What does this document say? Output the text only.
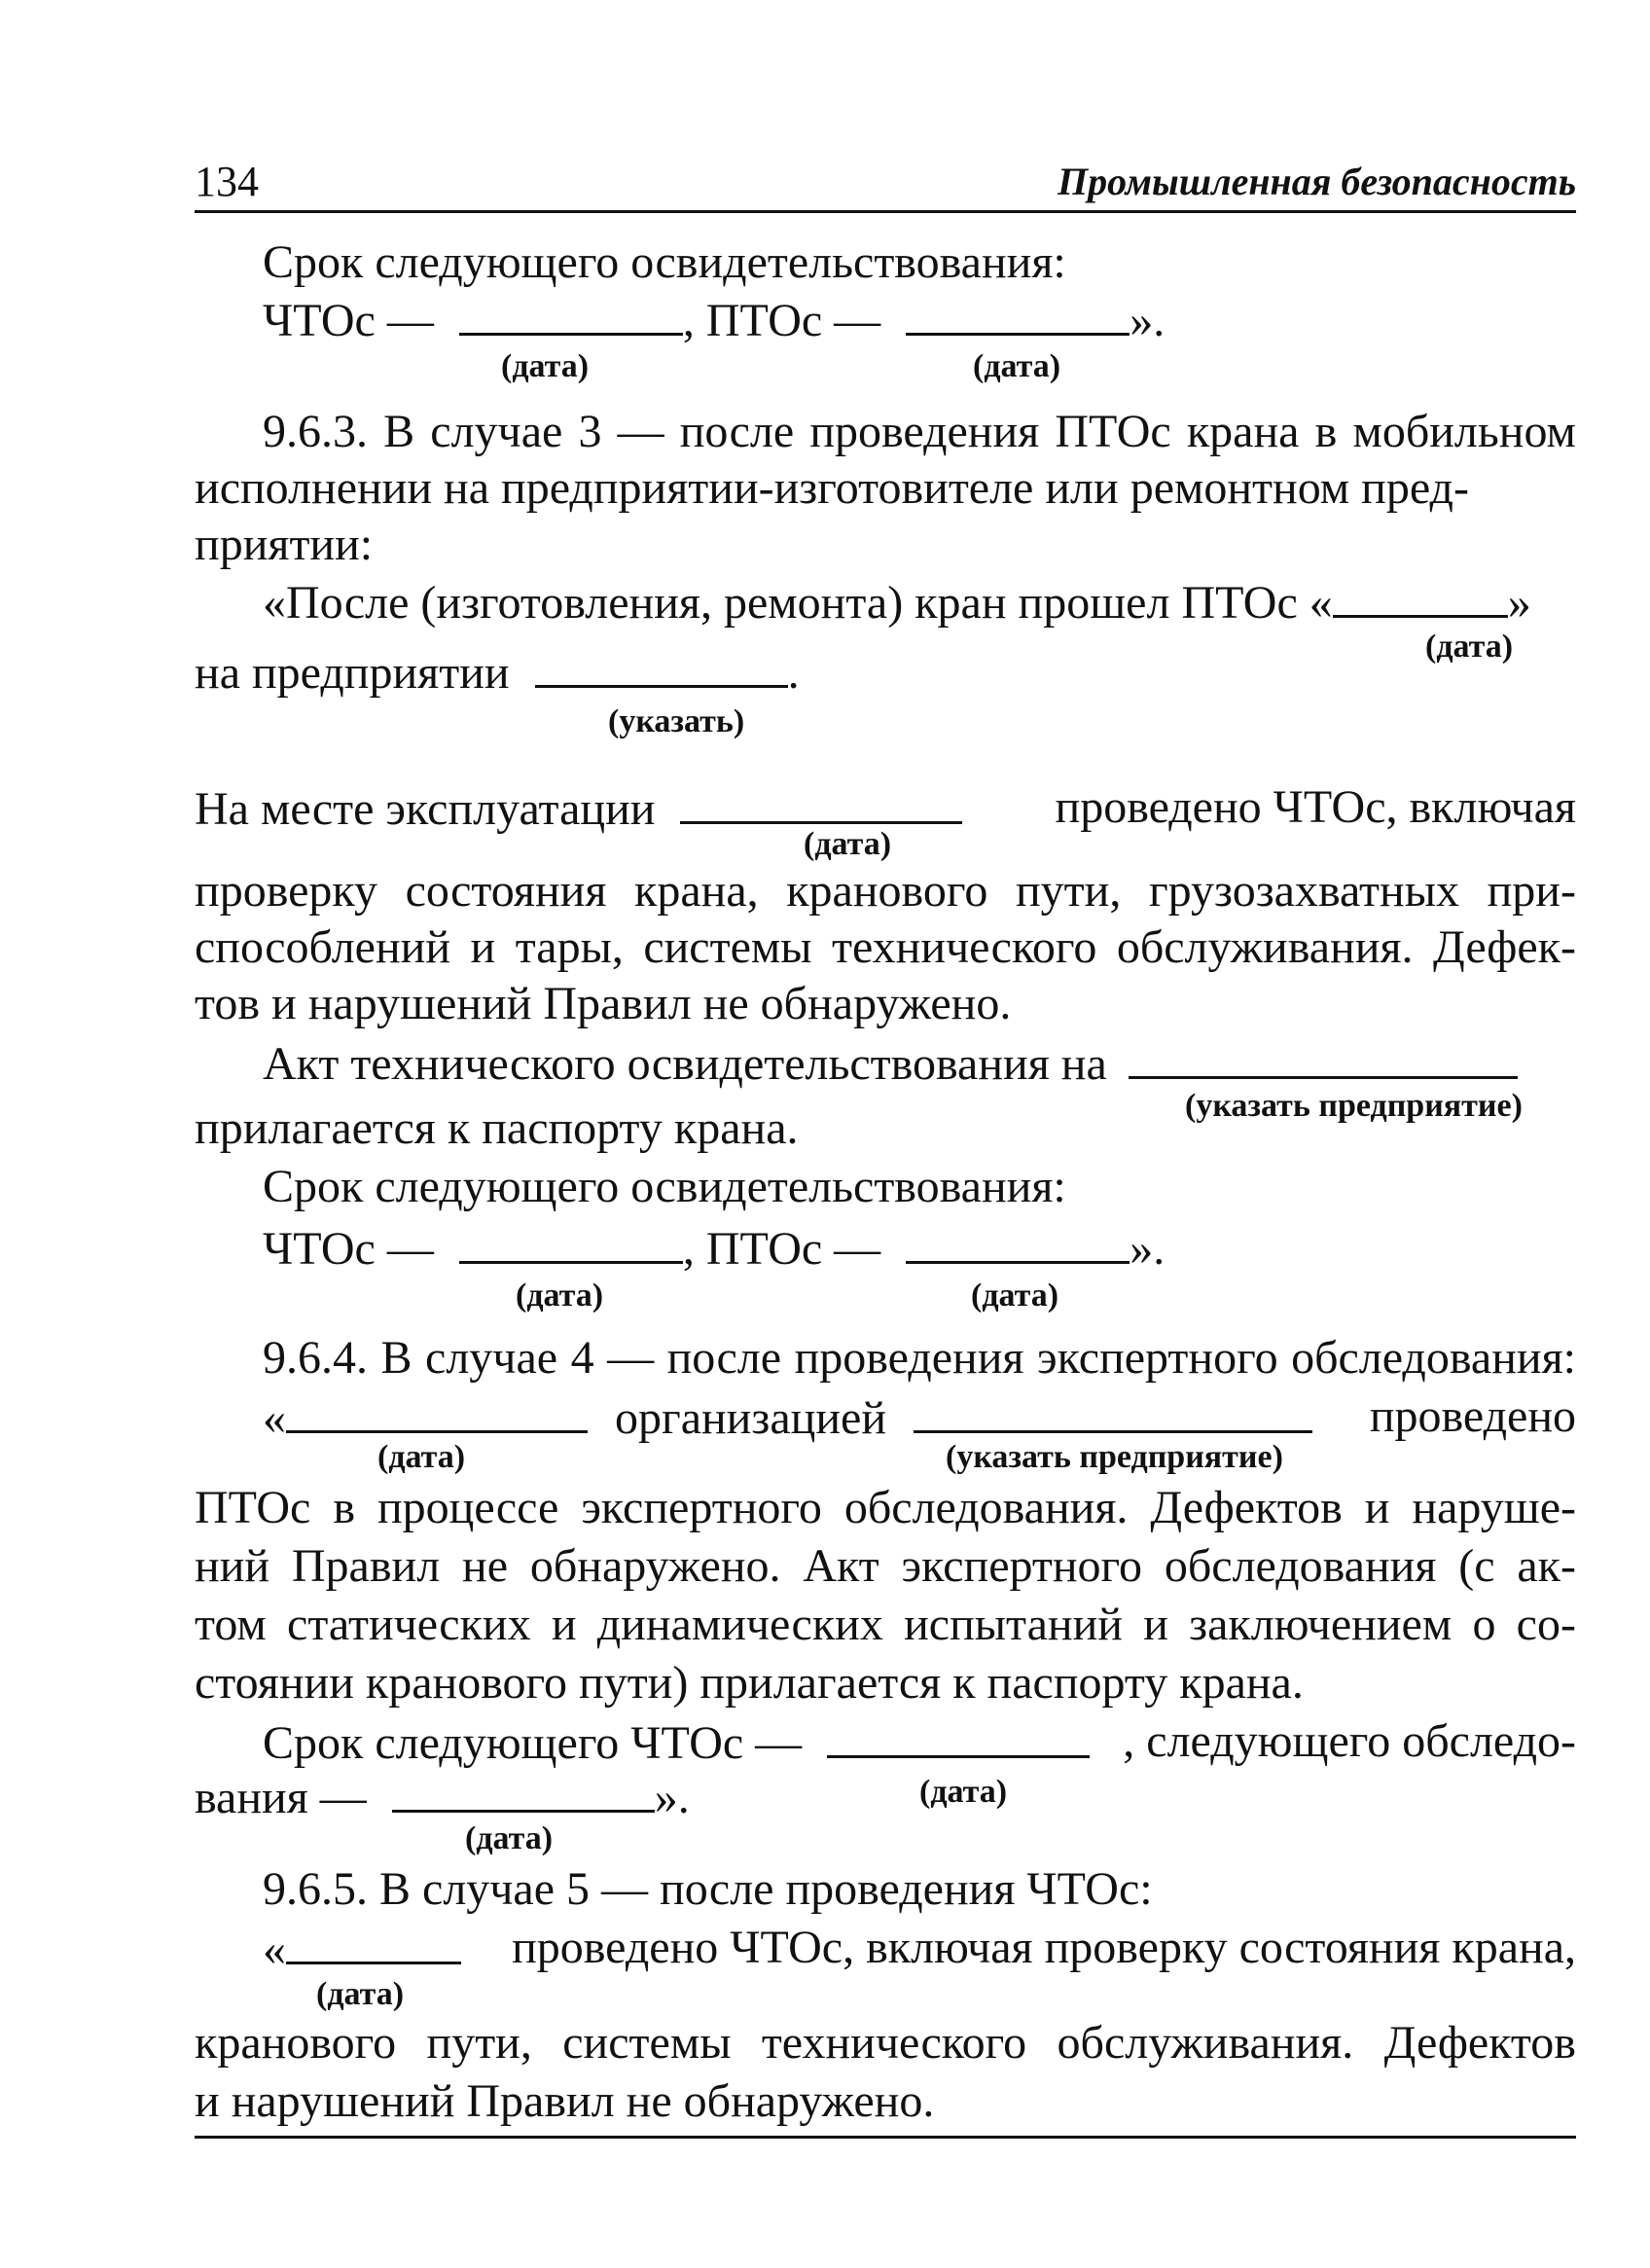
134	Промышленная безопасность
Срок следующего освидетельствования:
ЧТОс —	, ПТОс —	».
(дата)	(дата)
9.6.3. В случае 3 — после проведения ПТОс крана в мобильном
исполнении на предприятии-изготовителе или ремонтном пред-
приятии:
«После (изготовления, ремонта) кран прошел ПТОс «	»
(дата)
на предприятии	.
(указать)
На месте эксплуатации	проведено ЧТОс, включая
(дата)
проверку состояния крана, кранового пути, грузозахватных при-
способлений и тары, системы технического обслуживания. Дефек-
тов и нарушений Правил не обнаружено.
Акт технического освидетельствования на
(указать предприятие)
прилагается к паспорту крана.
Срок следующего освидетельствования:
ЧТОс —	, ПТОс —	».
(дата)	(дата)
9.6.4. В случае 4 — после проведения экспертного обследования:
«	организацией	проведено
(дата)	(указать предприятие)
ПТОс в процессе экспертного обследования. Дефектов и наруше-
ний Правил не обнаружено. Акт экспертного обследования (с ак-
том статических и динамических испытаний и заключением о со-
стоянии кранового пути) прилагается к паспорту крана.
Срок следующего ЧТОс —	, следующего обследо-
вания —	».	(дата)
(дата)
9.6.5. В случае 5 — после проведения ЧТОс:
«	проведено ЧТОс, включая проверку состояния крана,
(дата)
кранового пути, системы технического обслуживания. Дефектов
и нарушений Правил не обнаружено.
